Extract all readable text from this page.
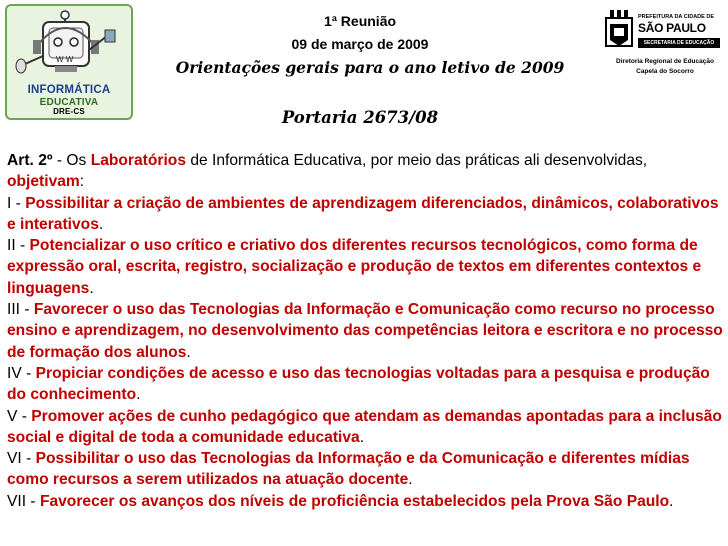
W W
INFORMÁTICA
EDUCATIVA
DRE-CS
1ª Reunião
09 de março de 2009
Orientações gerais para o ano letivo de 2009
Portaria 2673/08
PREFEITURA DA CIDADE DE
SÃO PAULO
SECRETARIA DE EDUCAÇÃO
Diretoria Regional de Educação
Capela do Socorro

Art. 2º - Os Laboratórios de Informática Educativa, por meio das práticas ali desenvolvidas, objetivam:

I - Possibilitar a criação de ambientes de aprendizagem diferenciados, dinâmicos, colaborativos e interativos.

II - Potencializar o uso crítico e criativo dos diferentes recursos tecnológicos, como forma de expressão oral, escrita, registro, socialização e produção de textos em diferentes contextos e linguagens.

III - Favorecer o uso das Tecnologias da Informação e Comunicação como recurso no processo ensino e aprendizagem, no desenvolvimento das competências leitora e escritora e no processo de formação dos alunos.

IV - Propiciar condições de acesso e uso das tecnologias voltadas para a pesquisa e produção do conhecimento.

V - Promover ações de cunho pedagógico que atendam as demandas apontadas para a inclusão social e digital de toda a comunidade educativa.

VI - Possibilitar o uso das Tecnologias da Informação e da Comunicação e diferentes mídias como recursos a serem utilizados na atuação docente.

VII - Favorecer os avanços dos níveis de proficiência estabelecidos pela Prova São Paulo.
